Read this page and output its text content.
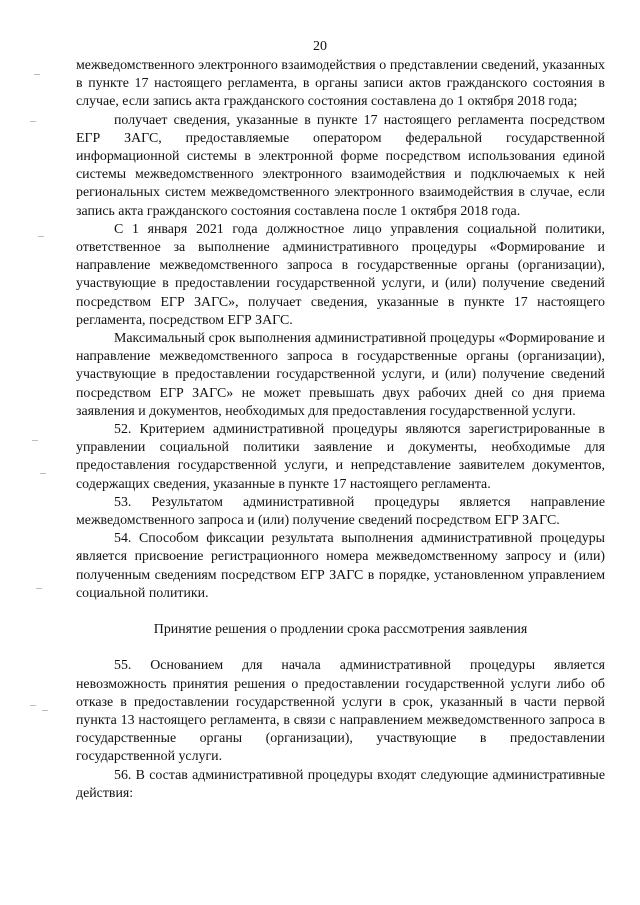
20

межведомственного электронного взаимодействия о представлении сведений, указанных в пункте 17 настоящего регламента, в органы записи актов гражданского состояния в случае, если запись акта гражданского состояния составлена до 1 октября 2018 года;

получает сведения, указанные в пункте 17 настоящего регламента посредством ЕГР ЗАГС, предоставляемые оператором федеральной государственной информационной системы в электронной форме посредством использования единой системы межведомственного электронного взаимодействия и подключаемых к ней региональных систем межведомственного электронного взаимодействия в случае, если запись акта гражданского состояния составлена после 1 октября 2018 года.

С 1 января 2021 года должностное лицо управления социальной политики, ответственное за выполнение административного процедуры «Формирование и направление межведомственного запроса в государственные органы (организации), участвующие в предоставлении государственной услуги, и (или) получение сведений посредством ЕГР ЗАГС», получает сведения, указанные в пункте 17 настоящего регламента, посредством ЕГР ЗАГС.

Максимальный срок выполнения административной процедуры «Формирование и направление межведомственного запроса в государственные органы (организации), участвующие в предоставлении государственной услуги, и (или) получение сведений посредством ЕГР ЗАГС» не может превышать двух рабочих дней со дня приема заявления и документов, необходимых для предоставления государственной услуги.

52. Критерием административной процедуры являются зарегистрированные в управлении социальной политики заявление и документы, необходимые для предоставления государственной услуги, и непредставление заявителем документов, содержащих сведения, указанные в пункте 17 настоящего регламента.

53. Результатом административной процедуры является направление межведомственного запроса и (или) получение сведений посредством ЕГР ЗАГС.

54. Способом фиксации результата выполнения административной процедуры является присвоение регистрационного номера межведомственному запросу и (или) полученным сведениям посредством ЕГР ЗАГС в порядке, установленном управлением социальной политики.

Принятие решения о продлении срока рассмотрения заявления

55. Основанием для начала административной процедуры является невозможность принятия решения о предоставлении государственной услуги либо об отказе в предоставлении государственной услуги в срок, указанный в части первой пункта 13 настоящего регламента, в связи с направлением межведомственного запроса в государственные органы (организации), участвующие в предоставлении государственной услуги.

56. В состав административной процедуры входят следующие административные действия:
